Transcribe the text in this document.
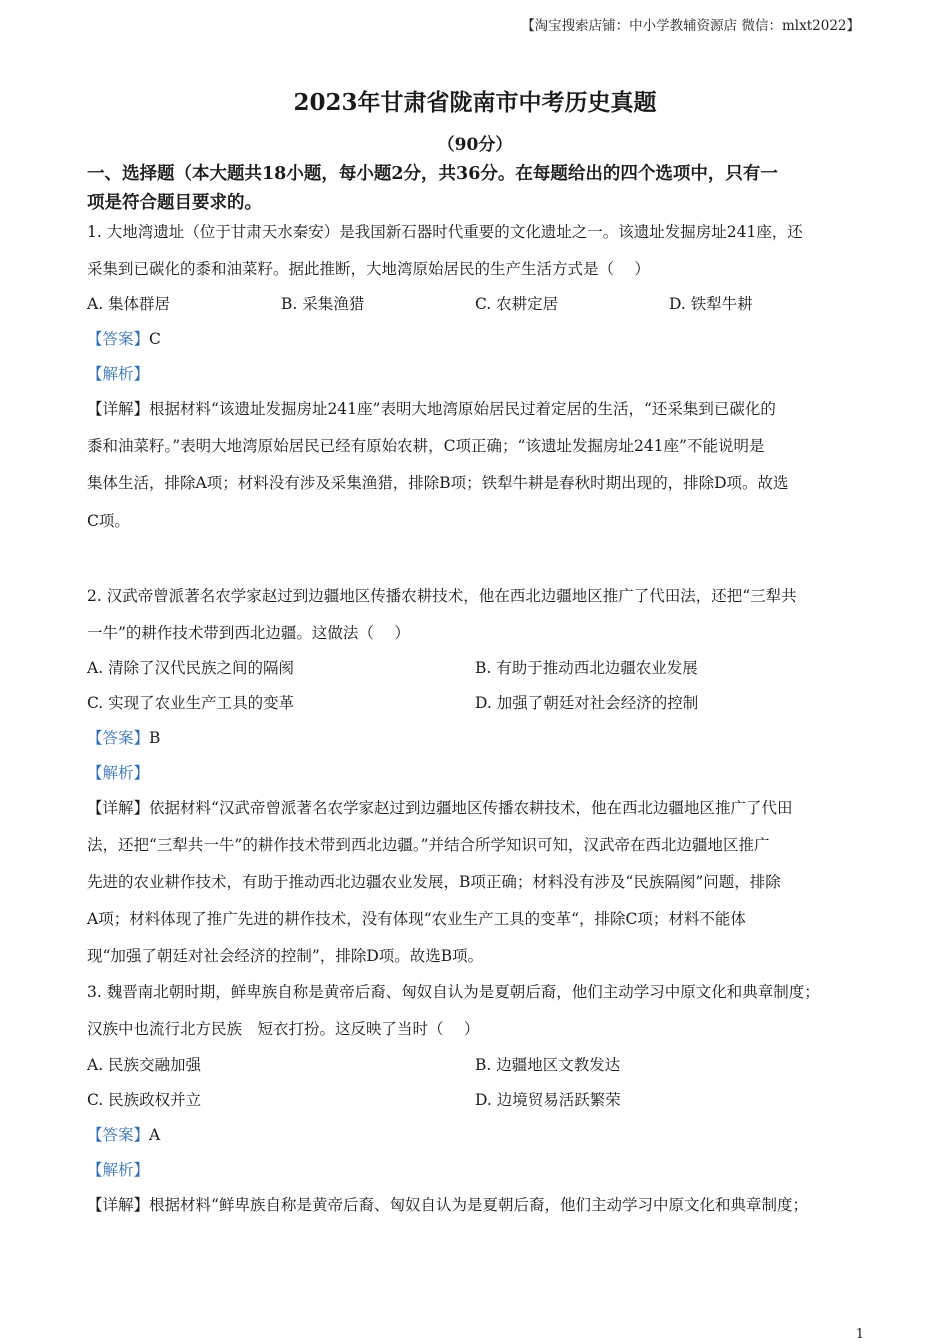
【淘宝搜索店铺：中小学教辅资源店 微信：mlxt2022】
2023年甘肃省陇南市中考历史真题
（90分）
一、选择题（本大题共18小题，每小题2分，共36分。在每题给出的四个选项中，只有一
项是符合题目要求的。
1. 大地湾遗址（位于甘肃天水秦安）是我国新石器时代重要的文化遗址之一。该遗址发掘房址241座，还
采集到已碳化的黍和油菜籽。据此推断，大地湾原始居民的生产生活方式是（　 ）
A. 集体群居	B. 采集渔猎	C. 农耕定居	D. 铁犁牛耕
【答案】C
【解析】
【详解】根据材料“该遗址发掘房址241座”表明大地湾原始居民过着定居的生活，“还采集到已碳化的
黍和油菜籽。”表明大地湾原始居民已经有原始农耕，C项正确；“该遗址发掘房址241座”不能说明是
集体生活，排除A项；材料没有涉及采集渔猎，排除B项；铁犁牛耕是春秋时期出现的，排除D项。故选
C项。
2. 汉武帝曾派著名农学家赵过到边疆地区传播农耕技术，他在西北边疆地区推广了代田法，还把“三犁共
一牛”的耕作技术带到西北边疆。这做法（　 ）
A. 清除了汉代民族之间的隔阂	B. 有助于推动西北边疆农业发展
C. 实现了农业生产工具的变革	D. 加强了朝廷对社会经济的控制
【答案】B
【解析】
【详解】依据材料“汉武帝曾派著名农学家赵过到边疆地区传播农耕技术，他在西北边疆地区推广了代田
法，还把“三犁共一牛”的耕作技术带到西北边疆。”并结合所学知识可知，汉武帝在西北边疆地区推广
先进的农业耕作技术，有助于推动西北边疆农业发展，B项正确；材料没有涉及“民族隔阂”问题，排除
A项；材料体现了推广先进的耕作技术，没有体现“农业生产工具的变革“，排除C项；材料不能体
现“加强了朝廷对社会经济的控制”，排除D项。故选B项。
3. 魏晋南北朝时期，鲜卑族自称是黄帝后裔、匈奴自认为是夏朝后裔，他们主动学习中原文化和典章制度；
汉族中也流行北方民族　短衣打扮。这反映了当时（　 ）
A. 民族交融加强	B. 边疆地区文教发达
C. 民族政权并立	D. 边境贸易活跃繁荣
【答案】A
【解析】
【详解】根据材料“鲜卑族自称是黄帝后裔、匈奴自认为是夏朝后裔，他们主动学习中原文化和典章制度；
1
